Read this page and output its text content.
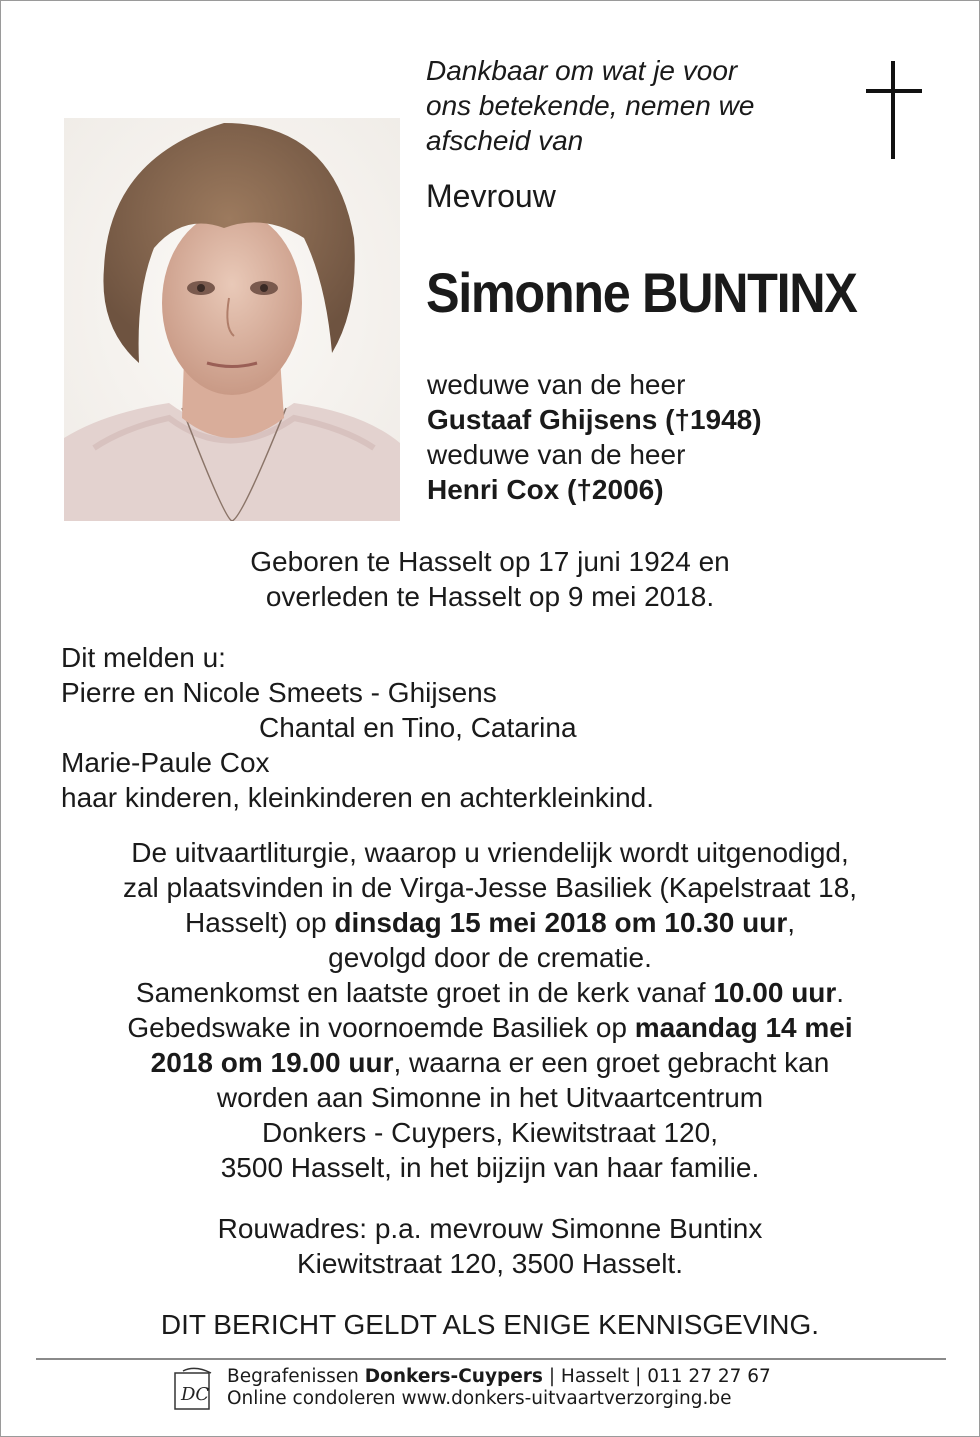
Dankbaar om wat je voor
ons betekende, nemen we
afscheid van
Mevrouw
Simonne BUNTINX
weduwe van de heer
Gustaaf Ghijsens (†1948)
weduwe van de heer
Henri Cox (†2006)
Geboren te Hasselt op 17 juni 1924 en
overleden te Hasselt op 9 mei 2018.
Dit melden u:
Pierre en Nicole Smeets - Ghijsens
Chantal en Tino, Catarina
Marie-Paule Cox
haar kinderen, kleinkinderen en achterkleinkind.
De uitvaartliturgie, waarop u vriendelijk wordt uitgenodigd,
zal plaatsvinden in de Virga-Jesse Basiliek (Kapelstraat 18,
Hasselt) op dinsdag 15 mei 2018 om 10.30 uur,
gevolgd door de crematie.
Samenkomst en laatste groet in de kerk vanaf 10.00 uur.
Gebedswake in voornoemde Basiliek op maandag 14 mei
2018 om 19.00 uur, waarna er een groet gebracht kan
worden aan Simonne in het Uitvaartcentrum
Donkers - Cuypers, Kiewitstraat 120,
3500 Hasselt, in het bijzijn van haar familie.
Rouwadres: p.a. mevrouw Simonne Buntinx
Kiewitstraat 120, 3500 Hasselt.
DIT BERICHT GELDT ALS ENIGE KENNISGEVING.
DC
Begrafenissen Donkers-Cuypers | Hasselt | 011 27 27 67
Online condoleren www.donkers-uitvaartverzorging.be
